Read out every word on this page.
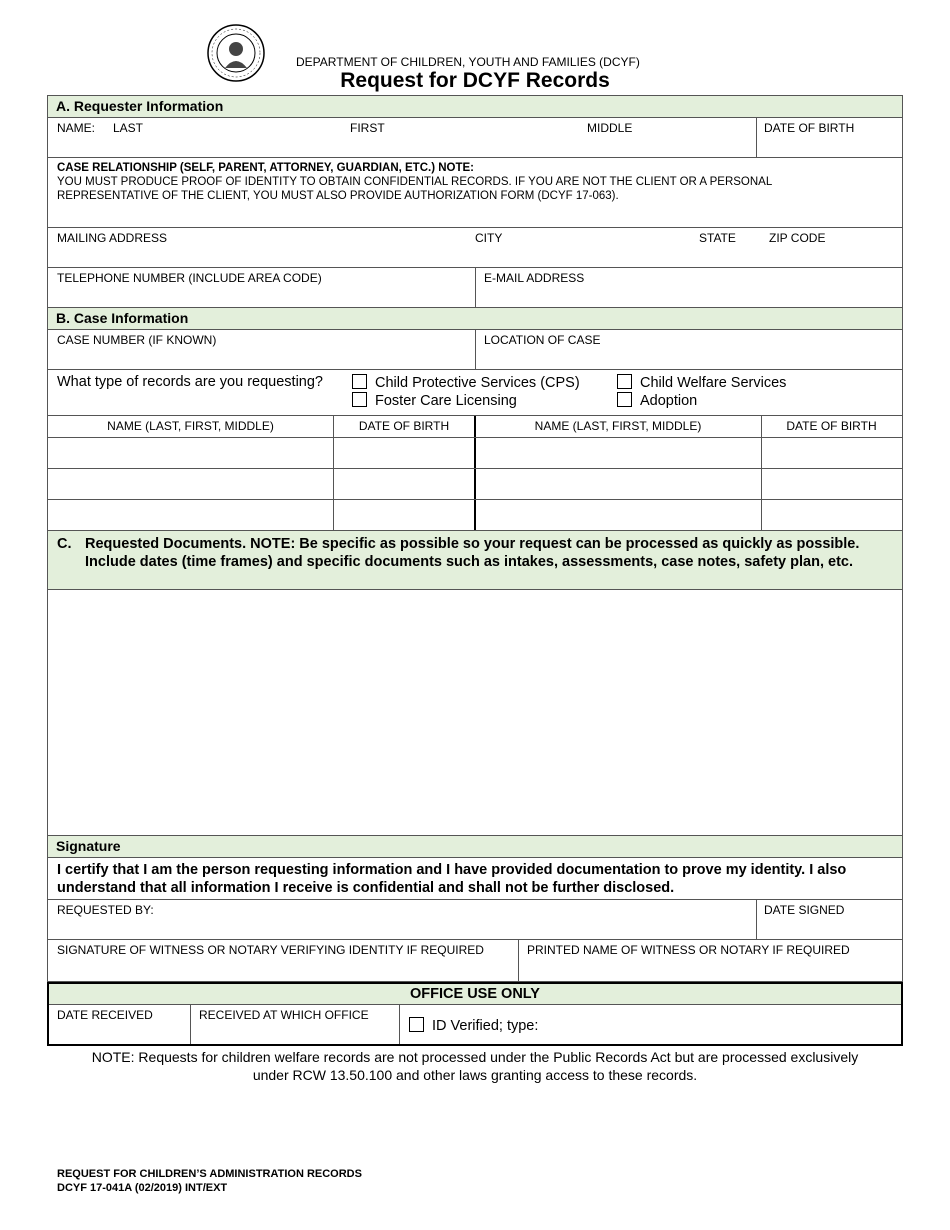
DEPARTMENT OF CHILDREN, YOUTH AND FAMILIES (DCYF)
Request for DCYF Records
A. Requester Information
NAME: LAST	FIRST	MIDDLE	DATE OF BIRTH
CASE RELATIONSHIP (SELF, PARENT, ATTORNEY, GUARDIAN, ETC.) NOTE:
YOU MUST PRODUCE PROOF OF IDENTITY TO OBTAIN CONFIDENTIAL RECORDS. IF YOU ARE NOT THE CLIENT OR A PERSONAL REPRESENTATIVE OF THE CLIENT, YOU MUST ALSO PROVIDE AUTHORIZATION FORM (DCYF 17-063).
MAILING ADDRESS	CITY	STATE	ZIP CODE
TELEPHONE NUMBER (INCLUDE AREA CODE)	E-MAIL ADDRESS
B. Case Information
CASE NUMBER (IF KNOWN)	LOCATION OF CASE
What type of records are you requesting?	Child Protective Services (CPS)	Child Welfare Services
Foster Care Licensing	Adoption
NAME (LAST, FIRST, MIDDLE)	DATE OF BIRTH	NAME (LAST, FIRST, MIDDLE)	DATE OF BIRTH
C. Requested Documents. NOTE: Be specific as possible so your request can be processed as quickly as possible. Include dates (time frames) and specific documents such as intakes, assessments, case notes, safety plan, etc.
Signature
I certify that I am the person requesting information and I have provided documentation to prove my identity. I also understand that all information I receive is confidential and shall not be further disclosed.
REQUESTED BY:	DATE SIGNED
SIGNATURE OF WITNESS OR NOTARY VERIFYING IDENTITY IF REQUIRED	PRINTED NAME OF WITNESS OR NOTARY IF REQUIRED
OFFICE USE ONLY
DATE RECEIVED	RECEIVED AT WHICH OFFICE
ID Verified; type:
NOTE: Requests for children welfare records are not processed under the Public Records Act but are processed exclusively under RCW 13.50.100 and other laws granting access to these records.
REQUEST FOR CHILDREN’S ADMINISTRATION RECORDS
DCYF 17-041A (02/2019) INT/EXT
